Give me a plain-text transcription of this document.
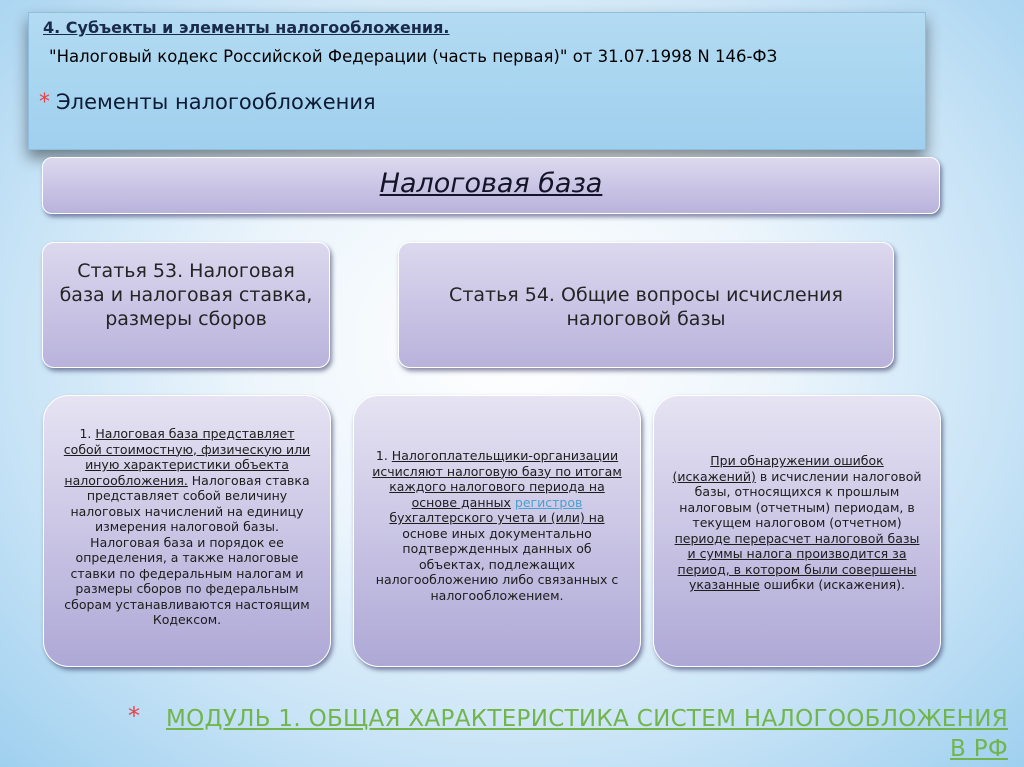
4. Субъекты и элементы налогообложения.

"Налоговый кодекс Российской Федерации (часть первая)" от 31.07.1998 N 146-ФЗ

* Элементы налогообложения

Налоговая база
Статья 53. Налоговая база и налоговая ставка, размеры сборов
Статья 54. Общие вопросы исчисления налоговой базы
1. Налоговая база представляет собой стоимостную, физическую или иную характеристики объекта налогообложения. Налоговая ставка представляет собой величину налоговых начислений на единицу измерения налоговой базы. Налоговая база и порядок ее определения, а также налоговые ставки по федеральным налогам и размеры сборов по федеральным сборам устанавливаются настоящим Кодексом.
1. Налогоплательщики-организации исчисляют налоговую базу по итогам каждого налогового периода на основе данных регистров бухгалтерского учета и (или) на основе иных документально подтвержденных данных об объектах, подлежащих налогообложению либо связанных с налогообложением.
При обнаружении ошибок (искажений) в исчислении налоговой базы, относящихся к прошлым налоговым (отчетным) периодам, в текущем налоговом (отчетном) периоде перерасчет налоговой базы и суммы налога производится за период, в котором были совершены указанные ошибки (искажения).
* МОДУЛЬ 1. ОБЩАЯ ХАРАКТЕРИСТИКА СИСТЕМ НАЛОГООБЛОЖЕНИЯ В РФ
